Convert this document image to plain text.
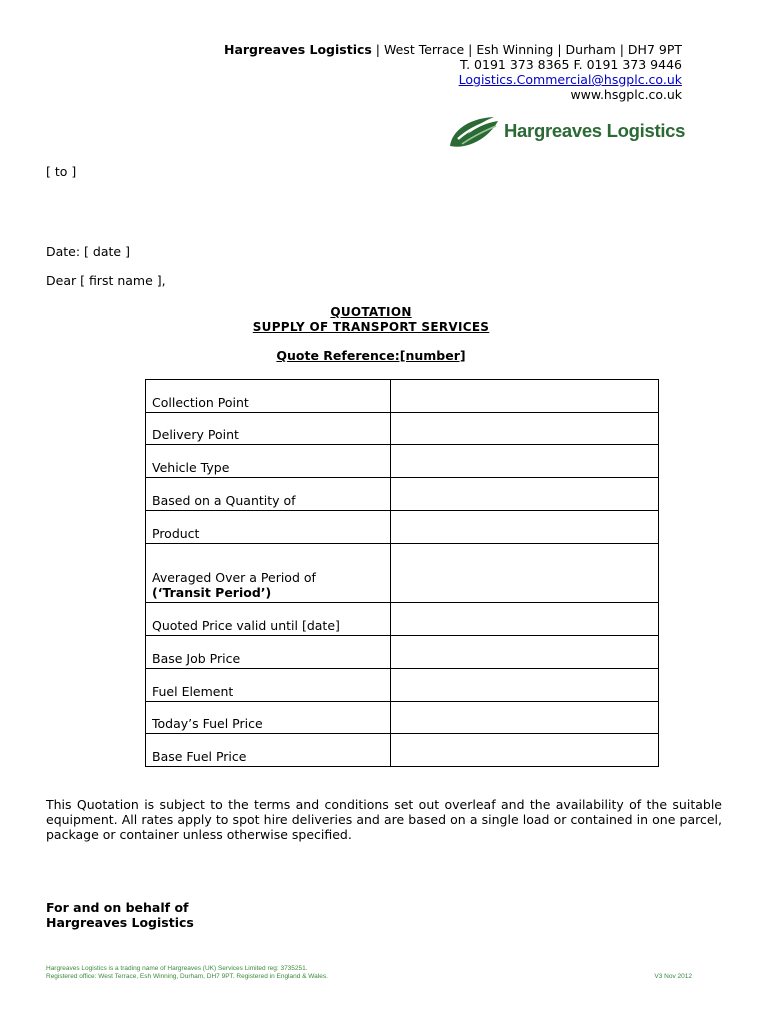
Hargreaves Logistics | West Terrace | Esh Winning | Durham | DH7 9PT
T. 0191 373 8365 F. 0191 373 9446
Logistics.Commercial@hsgplc.co.uk
www.hsgplc.co.uk
Hargreaves Logistics
[ to ]
Date: [ date ]
Dear [ first name ],
QUOTATION
SUPPLY OF TRANSPORT SERVICES
Quote Reference:[number]
Collection Point	
Delivery Point	
Vehicle Type	
Based on a Quantity of	
Product	
Averaged Over a Period of
(‘Transit Period’)	
Quoted Price valid until [date]	
Base Job Price	
Fuel Element	
Today’s Fuel Price	
Base Fuel Price	
This Quotation is subject to the terms and conditions set out overleaf and the availability of the suitable equipment. All rates apply to spot hire deliveries and are based on a single load or contained in one parcel, package or container unless otherwise specified.
For and on behalf of
Hargreaves Logistics
Hargreaves Logistics is a trading name of Hargreaves (UK) Services Limited reg: 3735251.
Registered office: West Terrace, Esh Winning, Durham, DH7 9PT. Registered in England & Wales.	V3 Nov 2012
